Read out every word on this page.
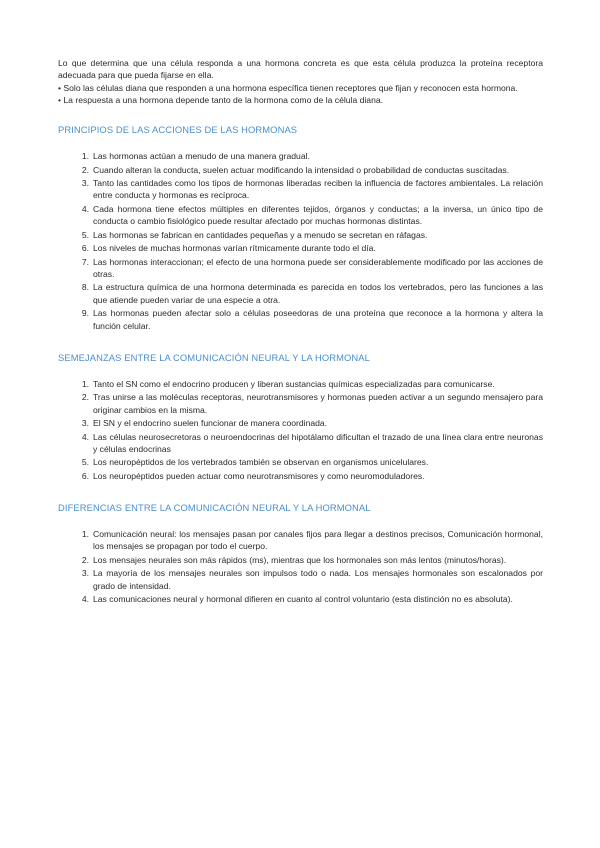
Lo que determina que una célula responda a una hormona concreta es que esta célula produzca la proteína receptora adecuada para que pueda fijarse en ella.

• Solo las células diana que responden a una hormona específica tienen receptores que fijan y reconocen esta hormona.

• La respuesta a una hormona depende tanto de la hormona como de la célula diana.

PRINCIPIOS DE LAS ACCIONES DE LAS HORMONAS
1. Las hormonas actúan a menudo de una manera gradual.
2. Cuando alteran la conducta, suelen actuar modificando la intensidad o probabilidad de conductas suscitadas.
3. Tanto las cantidades como los tipos de hormonas liberadas reciben la influencia de factores ambientales. La relación entre conducta y hormonas es recíproca.
4. Cada hormona tiene efectos múltiples en diferentes tejidos, órganos y conductas; a la inversa, un único tipo de conducta o cambio fisiológico puede resultar afectado por muchas hormonas distintas.
5. Las hormonas se fabrican en cantidades pequeñas y a menudo se secretan en ráfagas.
6. Los niveles de muchas hormonas varían rítmicamente durante todo el día.
7. Las hormonas interaccionan; el efecto de una hormona puede ser considerablemente modificado por las acciones de otras.
8. La estructura química de una hormona determinada es parecida en todos los vertebrados, pero las funciones a las que atiende pueden variar de una especie a otra.
9. Las hormonas pueden afectar solo a células poseedoras de una proteína que reconoce a la hormona y altera la función celular.
SEMEJANZAS ENTRE LA COMUNICACIÓN NEURAL Y LA HORMONAL
1. Tanto el SN como el endocrino producen y liberan sustancias químicas especializadas para comunicarse.
2. Tras unirse a las moléculas receptoras, neurotransmisores y hormonas pueden activar a un segundo mensajero para originar cambios en la misma.
3. El SN y el endocrino suelen funcionar de manera coordinada.
4. Las células neurosecretoras o neuroendocrinas del hipotálamo dificultan el trazado de una línea clara entre neuronas y células endocrinas
5. Los neuropéptidos de los vertebrados también se observan en organismos unicelulares.
6. Los neuropéptidos pueden actuar como neurotransmisores y como neuromoduladores.
DIFERENCIAS ENTRE LA COMUNICACIÓN NEURAL Y LA HORMONAL
1. Comunicación neural: los mensajes pasan por canales fijos para llegar a destinos precisos, Comunicación hormonal, los mensajes se propagan por todo el cuerpo.
2. Los mensajes neurales son más rápidos (ms), mientras que los hormonales son más lentos (minutos/horas).
3. La mayoría de los mensajes neurales son impulsos todo o nada. Los mensajes hormonales son escalonados por grado de intensidad.
4. Las comunicaciones neural y hormonal difieren en cuanto al control voluntario (esta distinción no es absoluta).
